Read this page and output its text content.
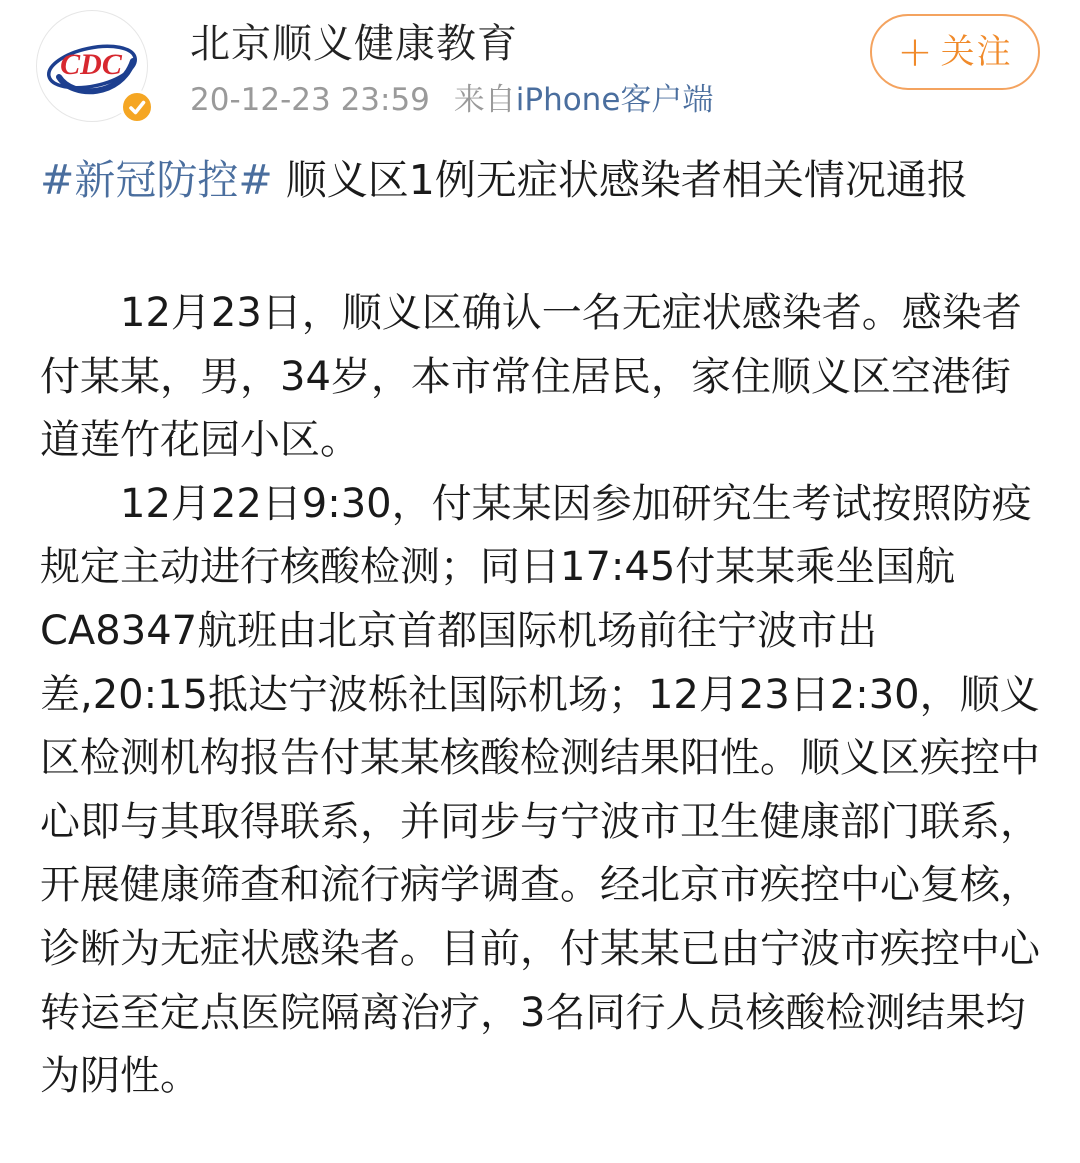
CDC 北京顺义健康教育
20-12-23 23:59 来自iPhone客户端
+ 关注
#新冠防控# 顺义区1例无症状感染者相关情况通报

12月23日，顺义区确认一名无症状感染者。感染者付某某，男，34岁，本市常住居民，家住顺义区空港街道莲竹花园小区。

12月22日9:30，付某某因参加研究生考试按照防疫规定主动进行核酸检测；同日17:45付某某乘坐国航CA8347航班由北京首都国际机场前往宁波市出差,20:15抵达宁波栎社国际机场；12月23日2:30，顺义区检测机构报告付某某核酸检测结果阳性。顺义区疾控中心即与其取得联系，并同步与宁波市卫生健康部门联系，开展健康筛查和流行病学调查。经北京市疾控中心复核，诊断为无症状感染者。目前，付某某已由宁波市疾控中心转运至定点医院隔离治疗，3名同行人员核酸检测结果均为阴性。
